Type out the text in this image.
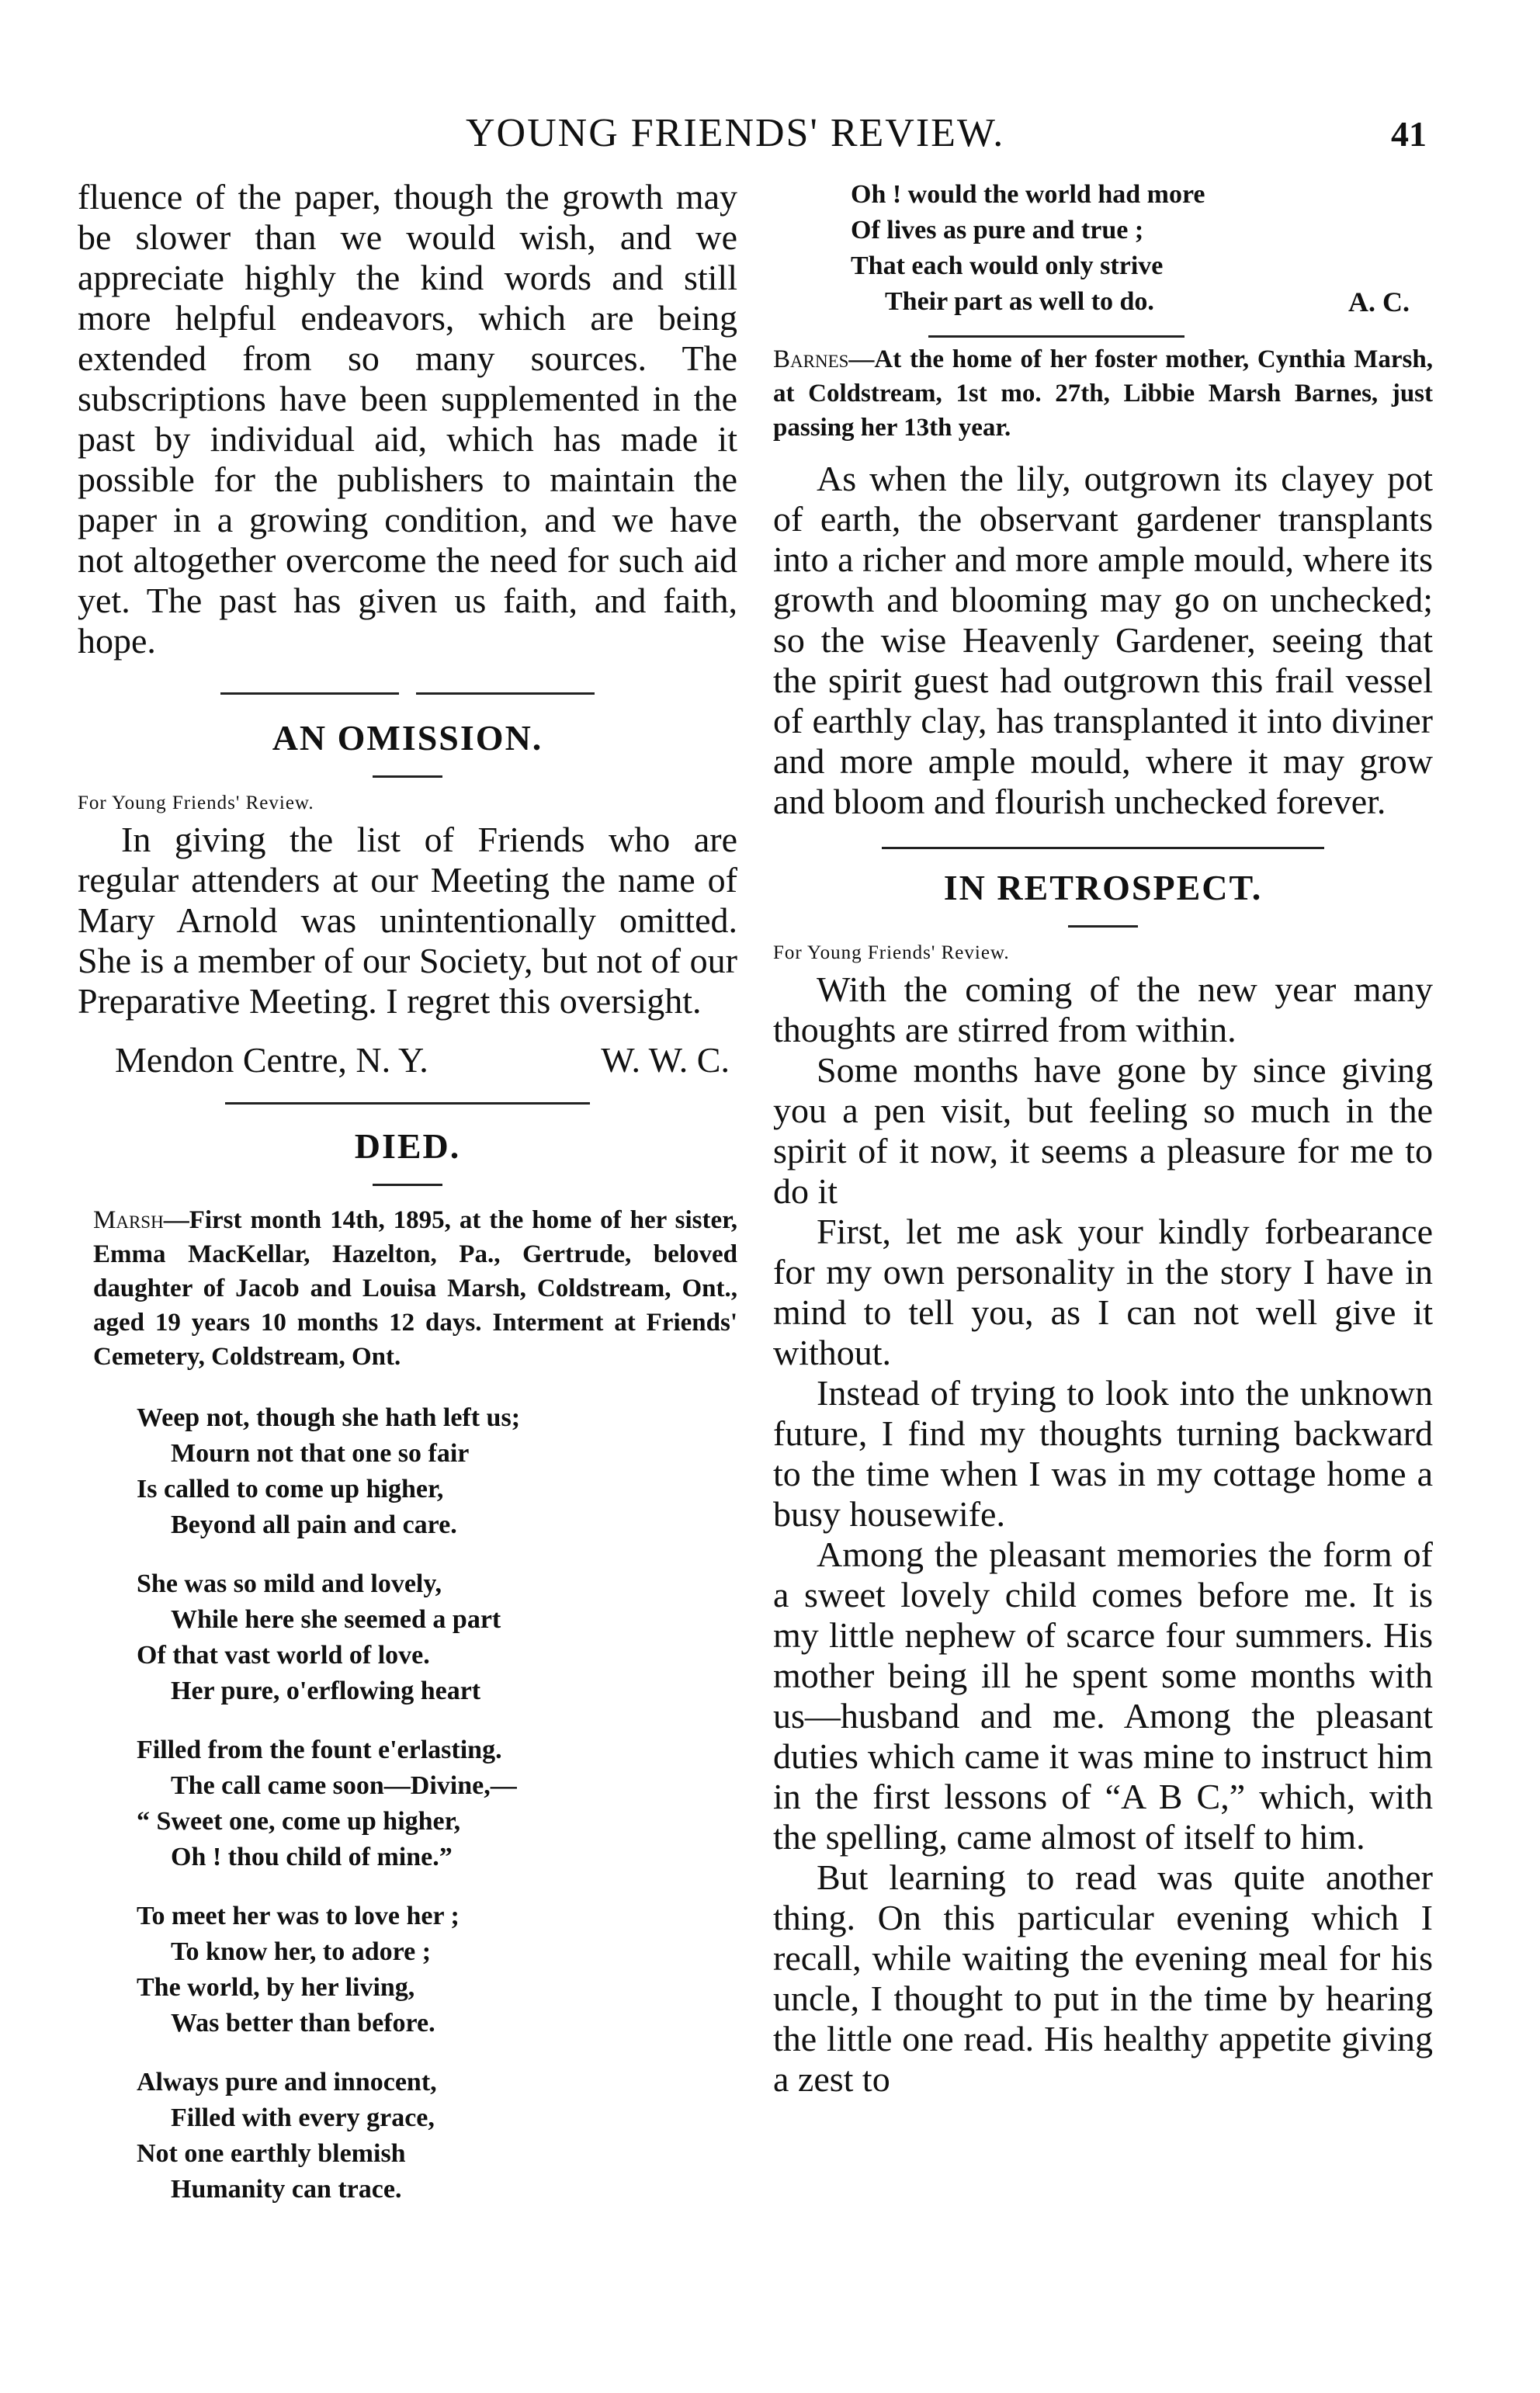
YOUNG FRIENDS' REVIEW.	41

fluence of the paper, though the growth may be slower than we would wish, and we appreciate highly the kind words and still more helpful endeavors, which are being extended from so many sources. The subscriptions have been supplemented in the past by individual aid, which has made it possible for the publishers to maintain the paper in a growing condition, and we have not altogether overcome the need for such aid yet. The past has given us faith, and faith, hope.

AN OMISSION.

For Young Friends' Review.

In giving the list of Friends who are regular attenders at our Meeting the name of Mary Arnold was unintentionally omitted. She is a member of our Society, but not of our Preparative Meeting. I regret this oversight.

Mendon Centre, N. Y.	W. W. C.
DIED.

Marsh—First month 14th, 1895, at the home of her sister, Emma MacKellar, Hazelton, Pa., Gertrude, beloved daughter of Jacob and Louisa Marsh, Coldstream, Ont., aged 19 years 10 months 12 days. Interment at Friends' Cemetery, Coldstream, Ont.

Weep not, though she hath left us;

Mourn not that one so fair

Is called to come up higher,

Beyond all pain and care.

She was so mild and lovely,

While here she seemed a part

Of that vast world of love.

Her pure, o'erflowing heart

Filled from the fount e'erlasting.

The call came soon—Divine,—

“ Sweet one, come up higher,

Oh ! thou child of mine.”

To meet her was to love her ;

To know her, to adore ;

The world, by her living,

Was better than before.

Always pure and innocent,

Filled with every grace,

Not one earthly blemish

Humanity can trace.

Oh ! would the world had more

Of lives as pure and true ;

That each would only strive

Their part as well to do.	A. C.

Barnes—At the home of her foster mother, Cynthia Marsh, at Coldstream, 1st mo. 27th, Libbie Marsh Barnes, just passing her 13th year.

As when the lily, outgrown its clayey pot of earth, the observant gardener transplants into a richer and more ample mould, where its growth and blooming may go on unchecked; so the wise Heavenly Gardener, seeing that the spirit guest had outgrown this frail vessel of earthly clay, has transplanted it into diviner and more ample mould, where it may grow and bloom and flourish unchecked forever.

IN RETROSPECT.

For Young Friends' Review.

With the coming of the new year many thoughts are stirred from within.

Some months have gone by since giving you a pen visit, but feeling so much in the spirit of it now, it seems a pleasure for me to do it

First, let me ask your kindly forbearance for my own personality in the story I have in mind to tell you, as I can not well give it without.

Instead of trying to look into the unknown future, I find my thoughts turning backward to the time when I was in my cottage home a busy housewife.

Among the pleasant memories the form of a sweet lovely child comes before me. It is my little nephew of scarce four summers. His mother being ill he spent some months with us—husband and me. Among the pleasant duties which came it was mine to instruct him in the first lessons of “A B C,” which, with the spelling, came almost of itself to him.

But learning to read was quite another thing. On this particular evening which I recall, while waiting the evening meal for his uncle, I thought to put in the time by hearing the little one read. His healthy appetite giving a zest to
